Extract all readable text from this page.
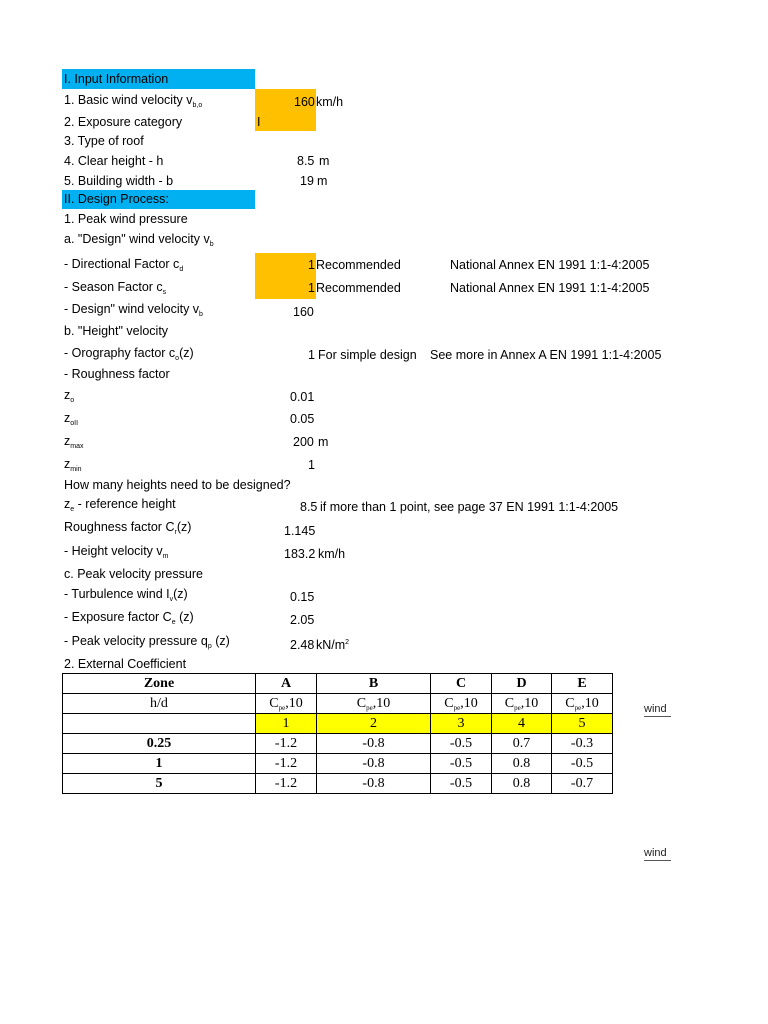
I. Input Information
1. Basic wind velocity $v_{b,o}$	160 km/h
2. Exposure category	I
3. Type of roof
4. Clear height - h	8.5 m
5. Building width - b	19 m
II. Design Process:
1. Peak wind pressure
a. "Design" wind velocity $v_b$
- Directional Factor $c_d$	1 Recommended	National Annex EN 1991 1:1-4:2005
- Season Factor $c_s$	1 Recommended	National Annex EN 1991 1:1-4:2005
- Design" wind velocity $v_b$	160
b. "Height" velocity
- Orography factor $c_o(z)$	1 For simple design See more in Annex A EN 1991 1:1-4:2005
- Roughness factor
$z_o$	0.01
$z_{oII}$	0.05
$z_{max}$	200 m
$z_{min}$	1
How many heights need to be designed?
$z_e$ - reference height	8.5 if more than 1 point, see page 37 EN 1991 1:1-4:2005
Roughness factor $C_r(z)$	1.145
- Height velocity $v_m$	183.2 km/h
c. Peak velocity pressure
- Turbulence wind $I_v(z)$	0.15
- Exposure factor $C_e$ (z)	2.05
- Peak velocity pressure $q_p$ (z)	2.48 $kN/m^2$
2. External Coefficient
Zone	A	B	C	D	E
h/d	$C_{pe},10$	$C_{pe},10$	$C_{pe},10$	$C_{pe},10$	$C_{pe},10$
	1	2	3	4	5
0.25	-1.2	-0.8	-0.5	0.7	-0.3
1	-1.2	-0.8	-0.5	0.8	-0.5
5	-1.2	-0.8	-0.5	0.8	-0.7
wind
wind
